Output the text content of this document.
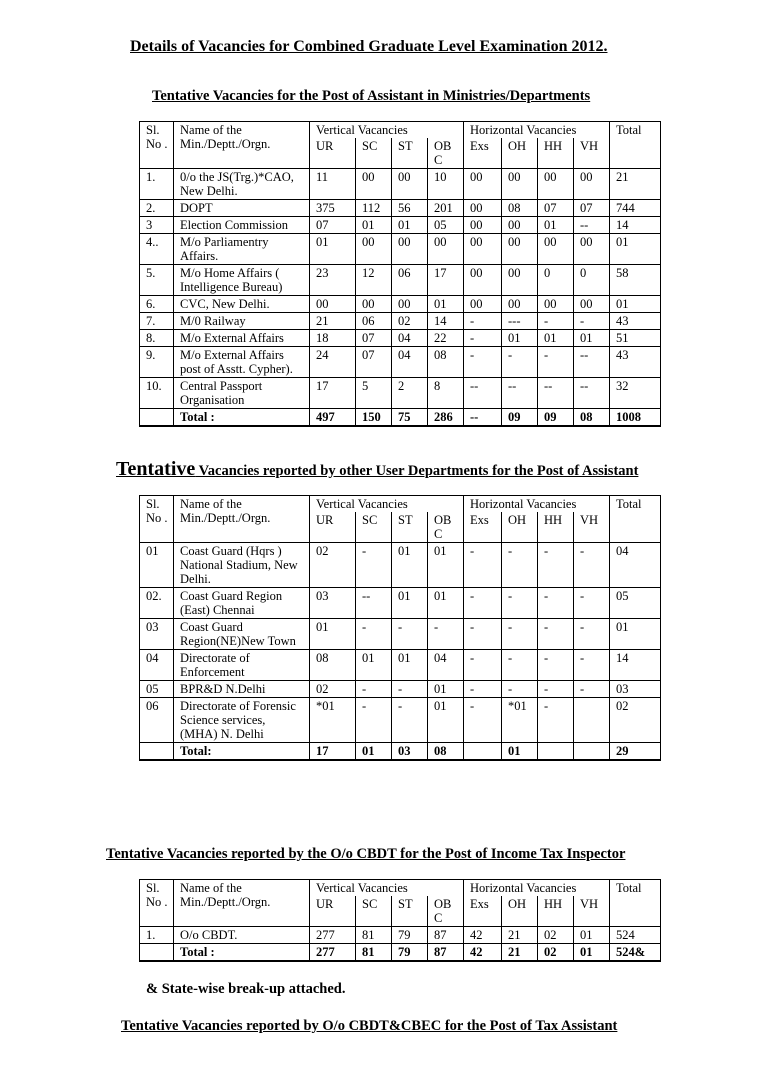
Details of Vacancies for Combined Graduate Level Examination 2012.
Tentative Vacancies for the Post of Assistant in Ministries/Departments
Sl. No .	Name of the Min./Deptt./Orgn.	Vertical Vacancies				Horizontal Vacancies				Total
		UR	SC	ST	OB C	Exs	OH	HH	VH	
1.	0/o the JS(Trg.)*CAO, New Delhi.	11	00	00	10	00	00	00	00	21
2.	DOPT	375	112	56	201	00	08	07	07	744
3	Election Commission	07	01	01	05	00	00	01	--	14
4..	M/o Parliamentry Affairs.	01	00	00	00	00	00	00	00	01
5.	M/o Home Affairs ( Intelligence Bureau)	23	12	06	17	00	00	0	0	58
6.	CVC, New Delhi.	00	00	00	01	00	00	00	00	01
7.	M/0 Railway	21	06	02	14	-	---	-	-	43
8.	M/o External Affairs	18	07	04	22	-	01	01	01	51
9.	M/o External Affairs post of Asstt. Cypher).	24	07	04	08	-	-	-	--	43
10.	Central Passport Organisation	17	5	2	8	--	--	--	--	32
	Total :	497	150	75	286	--	09	09	08	1008
Tentative Vacancies reported by other User Departments for the Post of Assistant
Sl. No .	Name of the Min./Deptt./Orgn.	Vertical Vacancies				Horizontal Vacancies				Total
		UR	SC	ST	OB C	Exs	OH	HH	VH	
01	Coast Guard (Hqrs ) National Stadium, New Delhi.	02	-	01	01	-	-	-	-	04
02.	Coast Guard Region (East) Chennai	03	--	01	01	-	-	-	-	05
03	Coast Guard Region(NE)New Town	01	-	-	-	-	-	-	-	01
04	Directorate of Enforcement	08	01	01	04	-	-	-	-	14
05	BPR&D N.Delhi	02	-	-	01	-	-	-	-	03
06	Directorate of Forensic Science services, (MHA) N. Delhi	*01	-	-	01	-	*01	-		02
	Total:	17	01	03	08		01			29
Tentative Vacancies reported by the O/o CBDT for the Post of Income Tax Inspector
Sl. No .	Name of the Min./Deptt./Orgn.	Vertical Vacancies				Horizontal Vacancies				Total
		UR	SC	ST	OB C	Exs	OH	HH	VH	
1.	O/o CBDT.	277	81	79	87	42	21	02	01	524
	Total :	277	81	79	87	42	21	02	01	524&
& State-wise break-up attached.
Tentative Vacancies reported by O/o CBDT&CBEC for the Post of Tax Assistant
